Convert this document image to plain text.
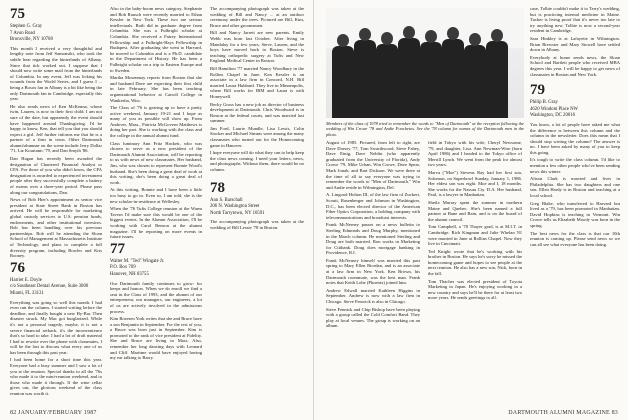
75
Stephen G. Gray
7 Avon Road
Bronxville, NY 10708

This month I received a very thoughtful and lengthy note from Jeff Samonsiki, who took the subtle heat regarding the hinterlands of Albany. Since that tick worked out, I suppose that I should now write some mail from the hinterlands of Columbia. In any event, Jeff was licking his wounds from the World Series, and I guess I ... being a Bosox fan in Albany is a bit like being the only Dartmouth fan in Cambridge, especially this year.

He also sends news of Ken McKenna, whose twin, Lauren, is now in their first child. I am not sure of the date, but apparently the event should have happened around Thanksgiving. I'd be happy to know, Ken, that tell you that you should expect a girl. Jeff further informs me that he is a partner of a firm in town. Other Dartmouth alumni/alumnae on the scene include Jerry Dollar '71, Liz Kourtanic '79, and Dan Smyth '86.

Dan Hagan has recently been awarded the designation of Chartered Financial Analyst or CFA. For those of you who didn't know, the CFA designation is awarded to experienced investment people after they successfully complete a battery of exams over a three-year period. Please pass along our congratulations, Dan.

News of Bob Hier's appointment as senior vice president at State Street Bank in Boston has arrived. He will be responsible for marketing global custody services to U.S. pension funds, endowments, and other institutional investors. Bob has been handling over his previous partnerships. Bob will be attending the Sloan School of Management at Massachusetts Institute of Technology, and plans to complete a full diversity program, including Bowles and Kris Rooney.

76
Harriet E. Doyle
c/o Southeast Dental Avenue, Suite 3000
Miami, FL 33131

Everything was going so well this month. I had even run the column, I started writing before the deadline, and finally bought a new Hy-Bar. Then disaster struck. My Mac got burglarized. While it's not a personal tragedy, maybe, it is not a severe financial setback, it's the inconvenience that's so hard to take. I had a lot of draft material I had to rewrite over the phone with classmates, I will be the last to discuss what every one of us has been through this past year.

I had been home for a short time this year. Everyone had a busy summer and I saw a lot of you at the reunion. Special thanks to all the '76s who made it to the mini-reunion weekend, and to those who made it through. If the wine cellar gives out, the glorious weekend of the class reunion was worth it.

Also in the baby-boom news category, Stephanie and Bob Rausch were recently married to Ethan Kessler in New York. These two are serious intellectuals. Both did in graduate degree from Columbia. She was a Fulbright scholar at Columbia. She received a Fairey International Fellowship and a Fulbright-Hays Fellowship in Budapest. After graduating she went to Harvard, he moved to Columbia and is a Ph.D. candidate in the Department of History. He has been a Fulbright scholar on a trip to Eastern Europe and to Sweden.

Martha Mosenmay reports from Boston that she and husband Dave are expecting their first child in late February. She has been teaching organizational behavior at Carroll College in Waukesha, Wisc.

The Class of '76 is gearing up to have a pretty active weekend, January 19-21 and I hope as many of you as possible will show up. From Andover, Mass., Patricia McGovern Matthews is doing her part. She is working with the class and the college in the annual alumni fund.

Class luminary Ann Fritz Hackett, who was chosen to serve as a new president of the Dartmouth Alumni Association, will be reporting to us with news of new classmates. Her husband, Jim, who was chosen to represent Bonnie Wood's husband. She's been doing a great deal of work at this writing; she's been doing a great deal of work.

At this writing, Bonnie and I have been a little too busy to go in. Even so, I am told, she is the new scholar-in-residence at Wellesley.

When the '76 Tufts College reunion at the Warm Tavern I'd make sure this would be one of the biggest events. In the Alumni Association, I'll be working with Carol Benson at the alumni magazine. I'll be reporting on more events in future issues.

77
Walter M. "Ted" Wingate Jr.
P.O. Box 709
Hanover, NH 03755

Our Dartmouth family continues to grow: for keeps and honors. When we do enroll we find a seat in the Class of 1993, and the alumni of our entrepreneur, our managers, our engineers, a lot of us are actively involved in the admissions process.

Kim Rosesen York writes that she and Bruce have a son Benjamin in September. For the rest of you, a Bruce was born just in September. Kim is promoted to the rank of vice president at Fidelity. She and Bruce are living in Mass. Also, remember her long dancing days with Leonard and Cliff. Maritme would have enjoyed having my ear talking to Barry.

The accompanying photograph was taken at the wedding of Bill and Nancy ... at an outdoor ceremony under the trees. Pictured are Bill, Kim, Bruce and other groomsmen.

Bill and Nancy Jarrett are new parents. Emily Webb was born last October. After living in Mandalay for a few years, Steve, Lauren, and the boys have moved back to Boston. Steve is teaching orthopedic surgery at Tufts and New England Medical Center in Boston.

Bill Hamilton '77 married Nancy Woodbury in the Rollins Chapel in June. Ken Kessler is an associate in a law firm in Concord, N.H. Bill married Laura Hubbard. They live in Minneapolis, where Bill works for IBM and Laura is with Honeywell.

Becky Gross has a new job as director of business development at Dartmouth. Chris Woodward is in Boston at the federal courts, and was married last summer.

Jim Ford, Laurie Mundle, Lisa Lewis, Colin Stocker and Michael Simms were among the many classmates who turned out for the Homecoming game in Hanover.

I hope everyone will do what they can to help keep the class news coming. I need your letters, news, and photographs. Without them, there would be no column.

78
Ann S. Barschall
206 N. Washington Street
North Tarrytown, NY 10591

The accompanying photograph was taken at the wedding of Bill Lessie '78 in Boston.

82 JANUARY/FEBRUARY 1987
Members of the class of 1978 tried to remember the words to "Men of Dartmouth" at the reception following the wedding of Win Crowe '78 and Andie Fonchetos. See the '78 column for names of the Dartmouth men in the photo.

August of 1985. Pictured, from left to right, are Dave Dorsey '77, Tom Swarthwood, Steve Fahey, Dave Einig, Dave Noblin (who apparently graduated from the University of Florida), Andy Crowe '79, Mike Urban, Win Crowe, Dave Spear, Mark Jonah, and Bart Dickson. We were there at the time of all to say everyone was trying to remember the words to "Men of Dartmouth." Win and Andie reside in Wilmington, Del.

A. Lingood Holton III, of the law firm of Zuckert, Scoutt, Rasenberger and Johnson in Washington, D.C., has been elected director of the American Fiber Optics Corporation, a holding company with telecommunications and broadcast interests.

Frank McNerney passes on a news bulletin to Sterling Edmonds and Doug Murphy, mentioned in the March column. He mentioned Sterling and Doug are both married. Ron works in Marketing for Citibank. Doug does mortgage banking in Providence, R.I.

Frank McNerney himself was married this past spring to Mary Ellen Riordan, and is an associate at a law firm in New York. Ken Brown, his Dartmouth roommate, was the best man. Frank notes that Keith Lobe (Phoenix) joined him.

Andrew Edwall married Kathleen Higgins in September. Andrew is now with a law firm in Chicago. Steve Fenwick is also in Chicago.

Steve Fennick and Chip Bishop have been playing with a group called the Cold Comfort Band. They play at local venues. The group is working on an album.

field in Tokyo with his wife, Cheryl Newsome, '79, and daughter, Lisa. Ann Newman-Wise (born April 1986) and I headed to the Tokyo office of Merrill Lynch. We went from the peak for almost two years.

Marva ("Moe") Stevens Ray had her first son, Solomon, on Superbowl Sunday, January 1, 1986. Her eldest son was eight. Moe and I, 18 months. She works for the Nassau Cty. D.A. Her husband, Paul, is a lawyer in Manhattan.

Sheila Murray spent the summer in northern Maine and Quebec. She's been named a full partner at Bane and Bain, and is on the board of the alumni council.

Tom Campbell, a '78 Thayer grad, is at M.I.T. in Cambridge. Rich Kingman and Julie Whelan '81 were married in June at Rollins Chapel. Now they live in Cincinnati.

Ted Knight wrote that he's working with his brother in Boston. He says he's sorry he missed the homecoming game and hopes to see people at the next reunion. He also has a new son, Nick, born in the fall.

Tom Thacher was elected president of Toyota Marketing in Japan. He's enjoying working in a new country and says he'll be there for at least two more years. He sends greetings to all.

case, Tolbie couldn't make it to Terry's wedding, but is practicing internal medicine in Maine. Tucker is living proof that it's never too late to try anything new. Tolbie is now a second-year resident in Cambridge.

Sara Hinkley is at Lafayette in Wilmington. Brian Brewster and Mary Stowell have settled down in Albany.

Everybody at home sends news, the Sloan School and Bartlett people who received MBA degrees this year. I will be happy to get news of classmates in Boston and New York.

79
Philip B. Gray
4620 Windom Place NW
Washington, DC 20016

You know, a lot of people have asked me what the difference is between this column and the column in the newsletter. Does this mean that I should stop writing the column? The answer is no. I have been asked by many of you to keep this going.

It's tough to write the class column. I'd like to mention a few other people who've been sending news this winter.

Alison Clark is married and lives in Philadelphia. She has two daughters and one son. Ellen Hardy is in Boston and teaching at a local school.

Greg Blake, who transferred to Harvard but lived as a '79, has been promoted in Manhattan. David Hopkins is teaching in Vermont. Win Crowe tells us Elizabeth Moody was born in the spring.

The best news for the class is that our 10th reunion is coming up. Please send news so we can all see what everyone has been doing.

DARTMOUTH ALUMNI MAGAZINE 83
